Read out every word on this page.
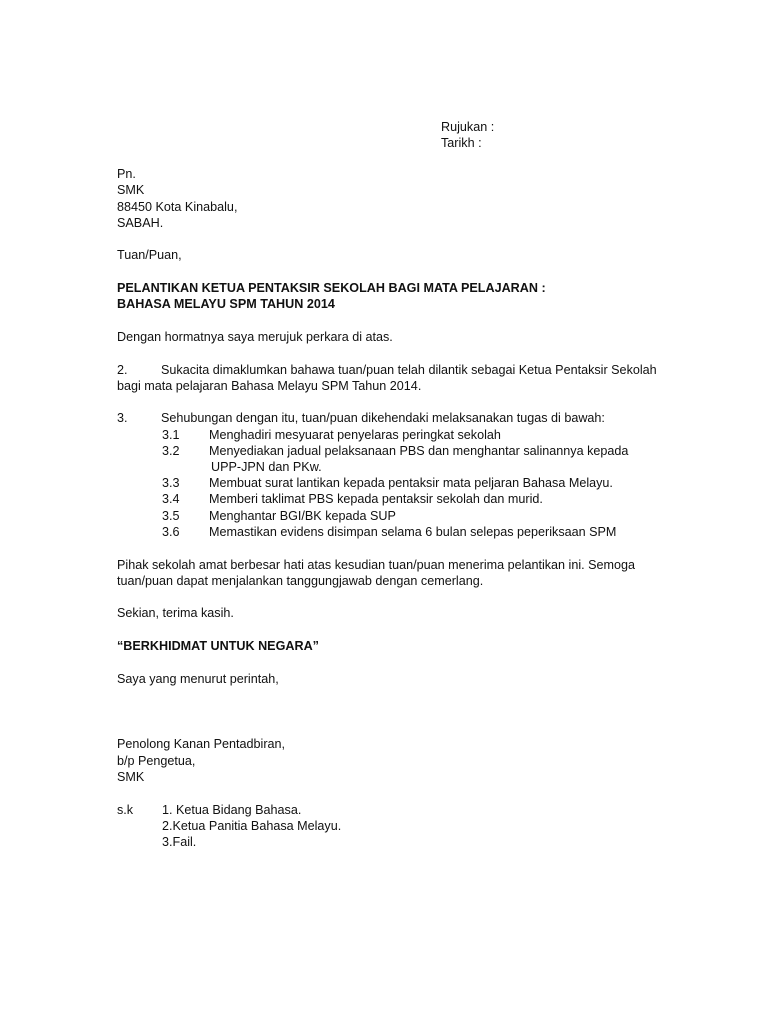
Rujukan :
Tarikh :
Pn.
SMK
88450 Kota Kinabalu,
SABAH.
Tuan/Puan,
PELANTIKAN KETUA PENTAKSIR SEKOLAH BAGI MATA PELAJARAN :
BAHASA MELAYU SPM TAHUN 2014
Dengan hormatnya saya merujuk perkara di atas.
2.	Sukacita dimaklumkan bahawa tuan/puan telah dilantik sebagai Ketua Pentaksir Sekolah
bagi mata pelajaran Bahasa Melayu SPM Tahun 2014.
3.	Sehubungan dengan itu, tuan/puan dikehendaki melaksanakan tugas di bawah:
3.1 Menghadiri mesyuarat penyelaras peringkat sekolah
3.2 Menyediakan jadual pelaksanaan PBS dan menghantar salinannya kepada
UPP-JPN dan PKw.
3.3 Membuat surat lantikan kepada pentaksir mata peljaran Bahasa Melayu.
3.4 Memberi taklimat PBS kepada pentaksir sekolah dan murid.
3.5 Menghantar BGI/BK kepada SUP
3.6 Memastikan evidens disimpan selama 6 bulan selepas peperiksaan SPM
Pihak sekolah amat berbesar hati atas kesudian tuan/puan menerima pelantikan ini. Semoga
tuan/puan dapat menjalankan tanggungjawab dengan cemerlang.
Sekian, terima kasih.
“BERKHIDMAT UNTUK NEGARA”
Saya yang menurut perintah,
Penolong Kanan Pentadbiran,
b/p Pengetua,
SMK
s.k 1. Ketua Bidang Bahasa.
2.Ketua Panitia Bahasa Melayu.
3.Fail.
